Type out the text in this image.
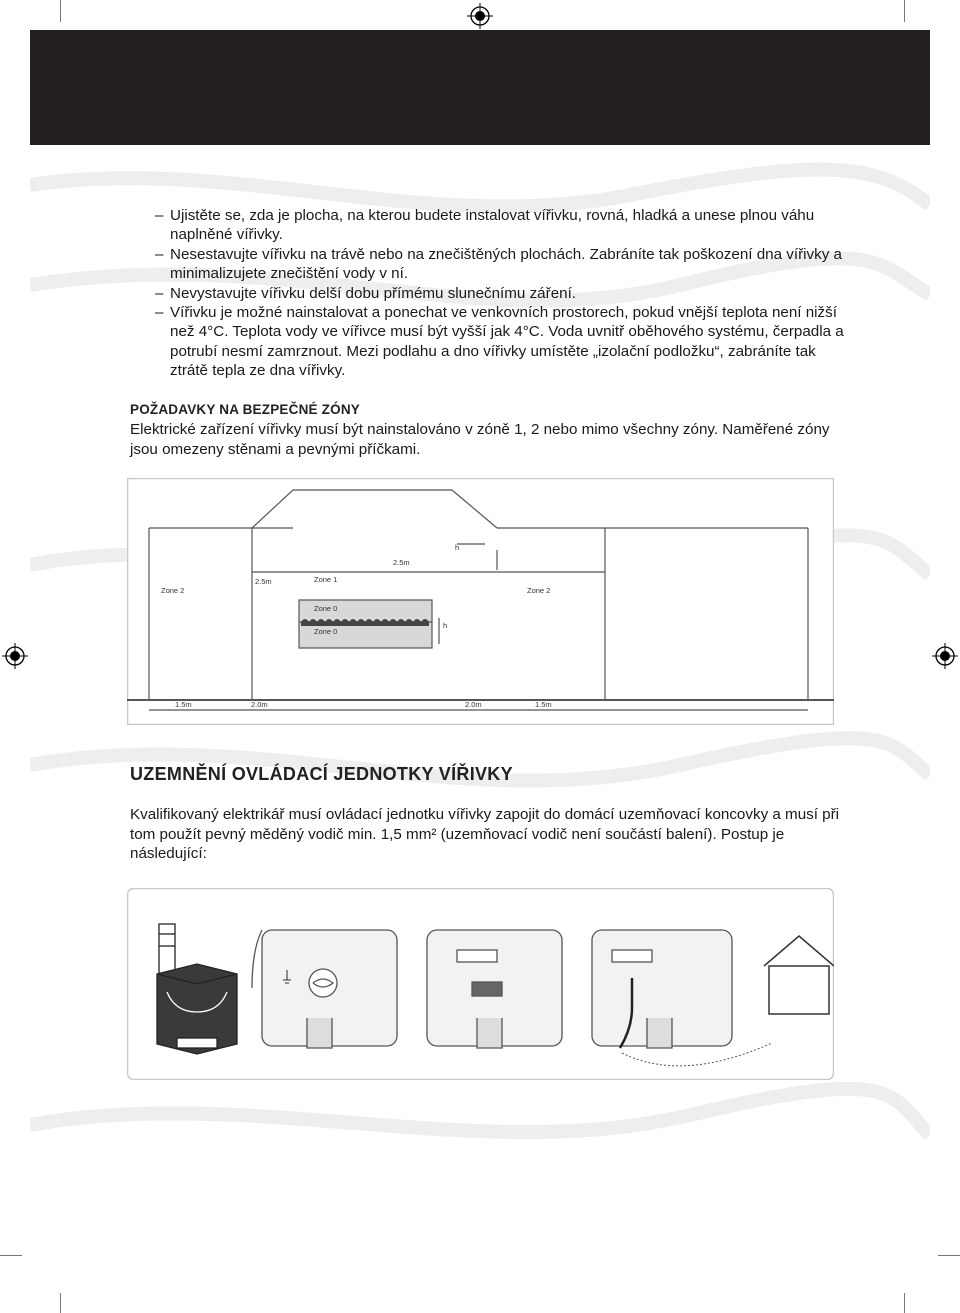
– Ujistěte se, zda je plocha, na kterou budete instalovat vířivku, rovná, hladká a unese plnou váhu naplněné vířivky.

– Nesestavujte vířivku na trávě nebo na znečištěných plochách. Zabráníte tak poškození dna vířivky a minimalizujete znečištění vody v ní.

– Nevystavujte vířivku delší dobu přímému slunečnímu záření.

– Vířivku je možné nainstalovat a ponechat ve venkovních prostorech, pokud vnější teplota není nižší než 4°C. Teplota vody ve vířivce musí být vyšší jak 4°C. Voda uvnitř oběhového systému, čerpadla a potrubí nesmí zamrznout. Mezi podlahu a dno vířivky umístěte „izolační podložku“, zabráníte tak ztrátě tepla ze dna vířivky.

POŽADAVKY NA BEZPEČNÉ ZÓNY

Elektrické zařízení vířivky musí být nainstalováno v zóně 1, 2 nebo mimo všechny zóny. Naměřené zóny jsou omezeny stěnami a pevnými příčkami.

Zone 2	Zone 2
Zone 1
Zone 0
Zone 0
2.5m
2.5m
h
h
1.5m	2.0m	2.0m	1.5m
UZEMNĚNÍ OVLÁDACÍ JEDNOTKY VÍŘIVKY

Kvalifikovaný elektrikář musí ovládací jednotku vířivky zapojit do domácí uzemňovací koncovky a musí při tom použít pevný měděný vodič min. 1,5 mm² (uzemňovací vodič není součástí balení). Postup je následující:
